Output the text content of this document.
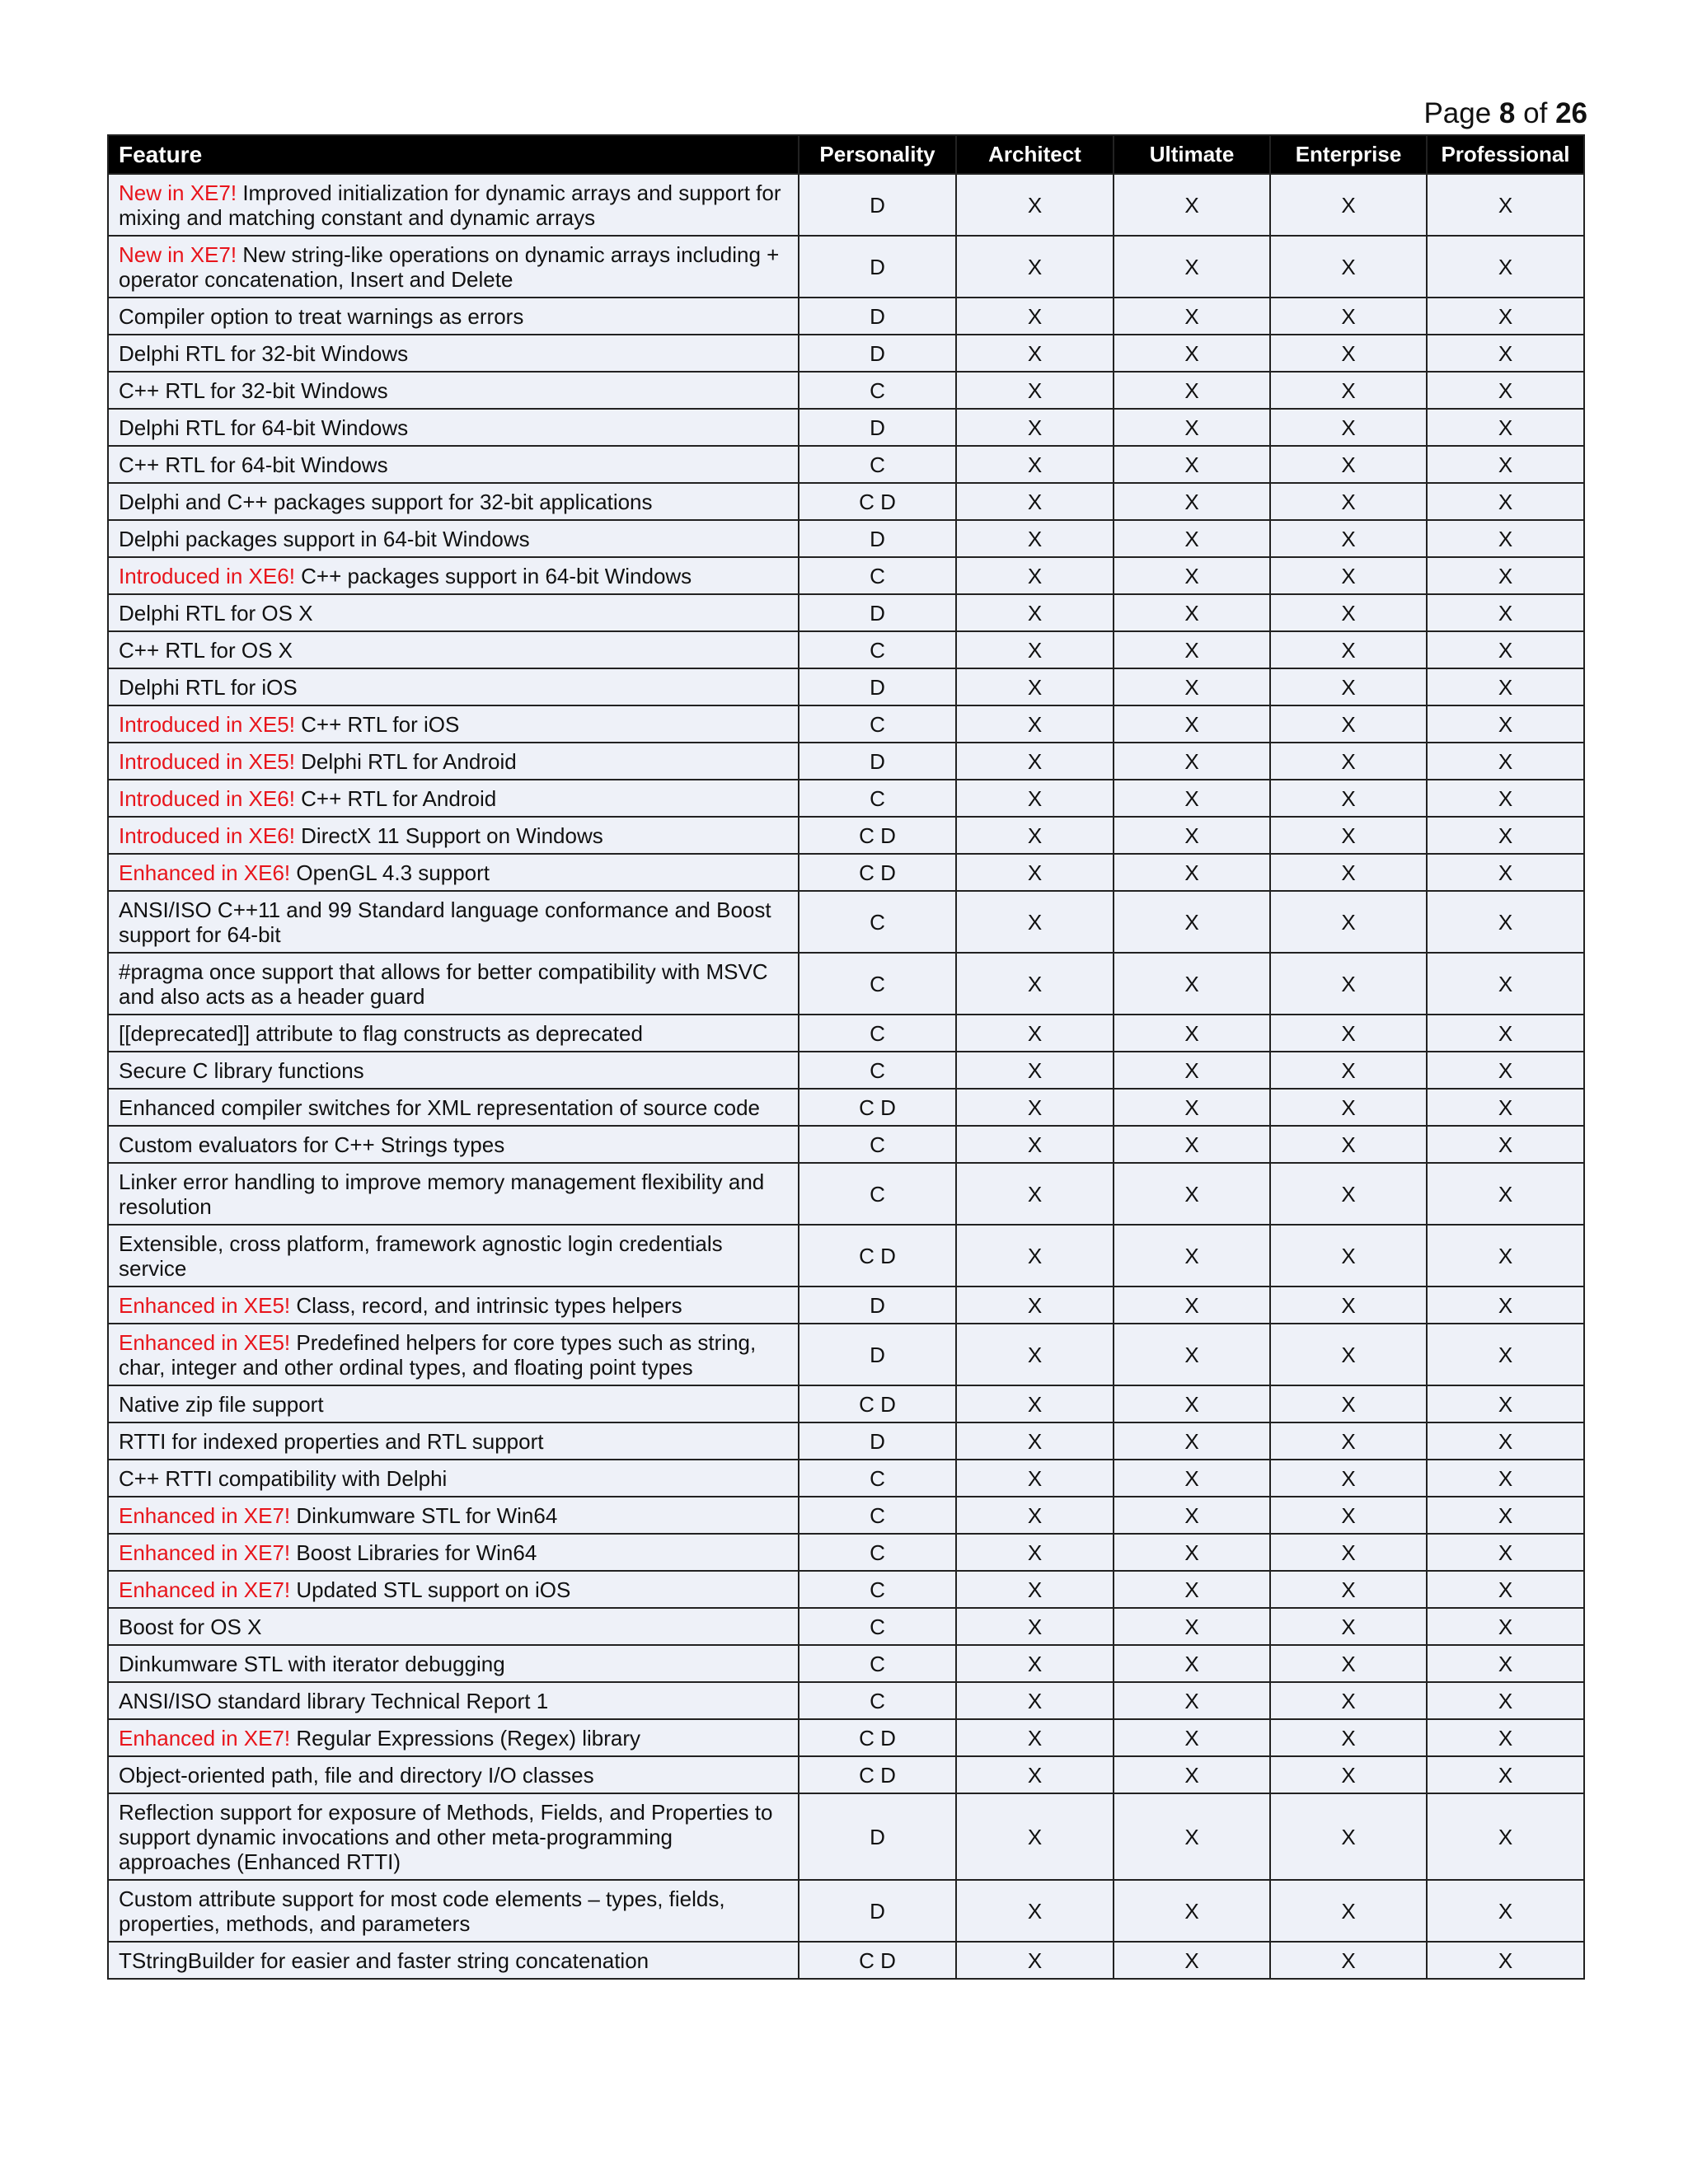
Page 8 of 26
Feature	Personality	Architect	Ultimate	Enterprise	Professional
New in XE7! Improved initialization for dynamic arrays and support for mixing and matching constant and dynamic arrays	D	X	X	X	X
New in XE7! New string-like operations on dynamic arrays including + operator concatenation, Insert and Delete	D	X	X	X	X
Compiler option to treat warnings as errors	D	X	X	X	X
Delphi RTL for 32-bit Windows	D	X	X	X	X
C++ RTL for 32-bit Windows	C	X	X	X	X
Delphi RTL for 64-bit Windows	D	X	X	X	X
C++ RTL for 64-bit Windows	C	X	X	X	X
Delphi and C++ packages support for 32-bit applications	C D	X	X	X	X
Delphi packages support in 64-bit Windows	D	X	X	X	X
Introduced in XE6! C++ packages support in 64-bit Windows	C	X	X	X	X
Delphi RTL for OS X	D	X	X	X	X
C++ RTL for OS X	C	X	X	X	X
Delphi RTL for iOS	D	X	X	X	X
Introduced in XE5! C++ RTL for iOS	C	X	X	X	X
Introduced in XE5! Delphi RTL for Android	D	X	X	X	X
Introduced in XE6! C++ RTL for Android	C	X	X	X	X
Introduced in XE6! DirectX 11 Support on Windows	C D	X	X	X	X
Enhanced in XE6! OpenGL 4.3 support	C D	X	X	X	X
ANSI/ISO C++11 and 99 Standard language conformance and Boost support for 64-bit	C	X	X	X	X
#pragma once support that allows for better compatibility with MSVC and also acts as a header guard	C	X	X	X	X
[[deprecated]] attribute to flag constructs as deprecated	C	X	X	X	X
Secure C library functions	C	X	X	X	X
Enhanced compiler switches for XML representation of source code	C D	X	X	X	X
Custom evaluators for C++ Strings types	C	X	X	X	X
Linker error handling to improve memory management flexibility and resolution	C	X	X	X	X
Extensible, cross platform, framework agnostic login credentials service	C D	X	X	X	X
Enhanced in XE5! Class, record, and intrinsic types helpers	D	X	X	X	X
Enhanced in XE5! Predefined helpers for core types such as string, char, integer and other ordinal types, and floating point types	D	X	X	X	X
Native zip file support	C D	X	X	X	X
RTTI for indexed properties and RTL support	D	X	X	X	X
C++ RTTI compatibility with Delphi	C	X	X	X	X
Enhanced in XE7! Dinkumware STL for Win64	C	X	X	X	X
Enhanced in XE7! Boost Libraries for Win64	C	X	X	X	X
Enhanced in XE7! Updated STL support on iOS	C	X	X	X	X
Boost for OS X	C	X	X	X	X
Dinkumware STL with iterator debugging	C	X	X	X	X
ANSI/ISO standard library Technical Report 1	C	X	X	X	X
Enhanced in XE7! Regular Expressions (Regex) library	C D	X	X	X	X
Object-oriented path, file and directory I/O classes	C D	X	X	X	X
Reflection support for exposure of Methods, Fields, and Properties to support dynamic invocations and other meta-programming approaches (Enhanced RTTI)	D	X	X	X	X
Custom attribute support for most code elements – types, fields, properties, methods, and parameters	D	X	X	X	X
TStringBuilder for easier and faster string concatenation	C D	X	X	X	X
